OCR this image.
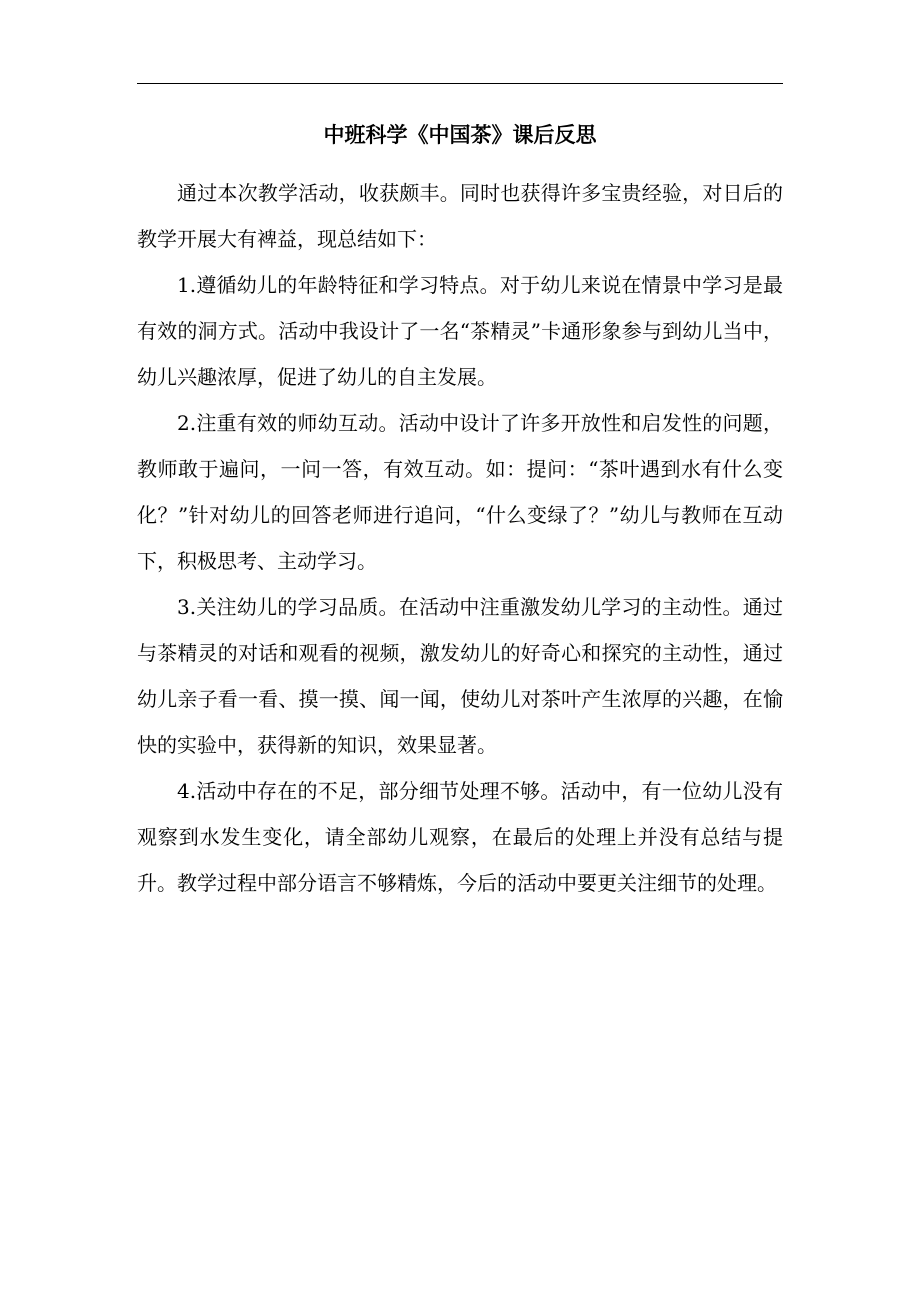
中班科学《中国茶》课后反思

通过本次教学活动，收获颇丰。同时也获得许多宝贵经验，对日后的教学开展大有裨益，现总结如下：

1.遵循幼儿的年龄特征和学习特点。对于幼儿来说在情景中学习是最有效的洞方式。活动中我设计了一名“茶精灵”卡通形象参与到幼儿当中，幼儿兴趣浓厚，促进了幼儿的自主发展。

2.注重有效的师幼互动。活动中设计了许多开放性和启发性的问题，教师敢于遍问，一问一答，有效互动。如：提问：“茶叶遇到水有什么变化？”针对幼儿的回答老师进行追问，“什么变绿了？”幼儿与教师在互动下，积极思考、主动学习。

3.关注幼儿的学习品质。在活动中注重激发幼儿学习的主动性。通过与茶精灵的对话和观看的视频，激发幼儿的好奇心和探究的主动性，通过幼儿亲子看一看、摸一摸、闻一闻，使幼儿对茶叶产生浓厚的兴趣，在愉快的实验中，获得新的知识，效果显著。

4.活动中存在的不足，部分细节处理不够。活动中，有一位幼儿没有观察到水发生变化，请全部幼儿观察，在最后的处理上并没有总结与提升。教学过程中部分语言不够精炼，今后的活动中要更关注细节的处理。
